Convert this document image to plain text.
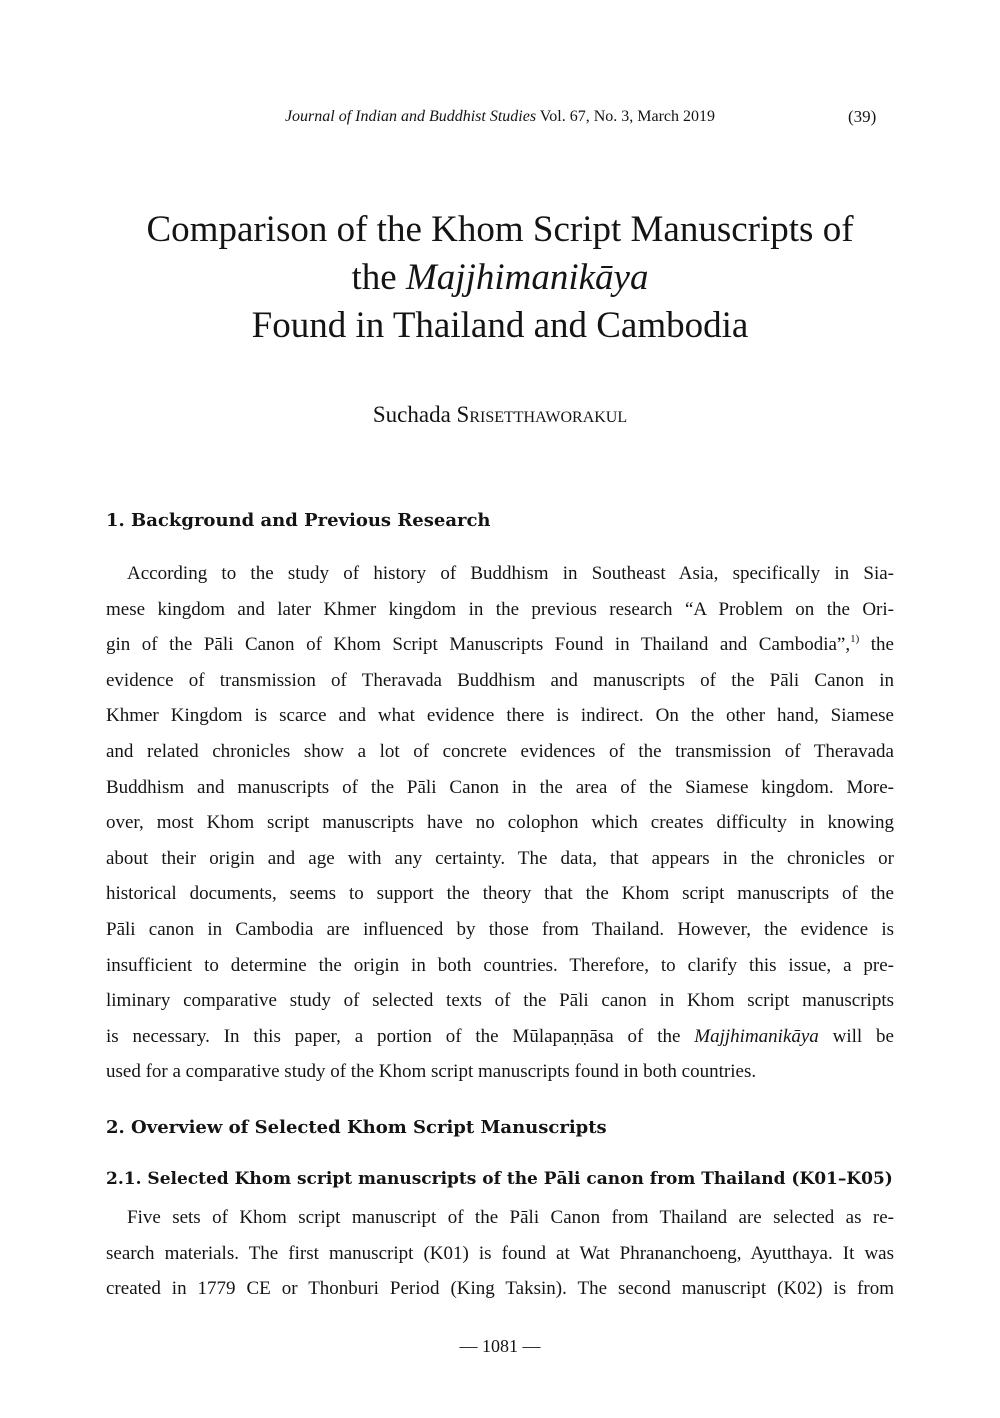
Journal of Indian and Buddhist Studies Vol. 67, No. 3, March 2019	(39)
Comparison of the Khom Script Manuscripts of
the Majjhimanikāya
Found in Thailand and Cambodia
Suchada Srisetthaworakul
1. Background and Previous Research
According to the study of history of Buddhism in Southeast Asia, specifically in Sia-
mese kingdom and later Khmer kingdom in the previous research “A Problem on the Ori-
gin of the Pāli Canon of Khom Script Manuscripts Found in Thailand and Cambodia”,$^{1)}$ the
evidence of transmission of Theravada Buddhism and manuscripts of the Pāli Canon in
Khmer Kingdom is scarce and what evidence there is indirect. On the other hand, Siamese
and related chronicles show a lot of concrete evidences of the transmission of Theravada
Buddhism and manuscripts of the Pāli Canon in the area of the Siamese kingdom. More-
over, most Khom script manuscripts have no colophon which creates difficulty in knowing
about their origin and age with any certainty. The data, that appears in the chronicles or
historical documents, seems to support the theory that the Khom script manuscripts of the
Pāli canon in Cambodia are influenced by those from Thailand. However, the evidence is
insufficient to determine the origin in both countries. Therefore, to clarify this issue, a pre-
liminary comparative study of selected texts of the Pāli canon in Khom script manuscripts
is necessary. In this paper, a portion of the Mūlapaṇṇāsa of the Majjhimanikāya will be
used for a comparative study of the Khom script manuscripts found in both countries.
2. Overview of Selected Khom Script Manuscripts
2.1. Selected Khom script manuscripts of the Pāli canon from Thailand (K01–K05)
Five sets of Khom script manuscript of the Pāli Canon from Thailand are selected as re-
search materials. The first manuscript (K01) is found at Wat Phrananchoeng, Ayutthaya. It was
created in 1779 CE or Thonburi Period (King Taksin). The second manuscript (K02) is from
— 1081 —
